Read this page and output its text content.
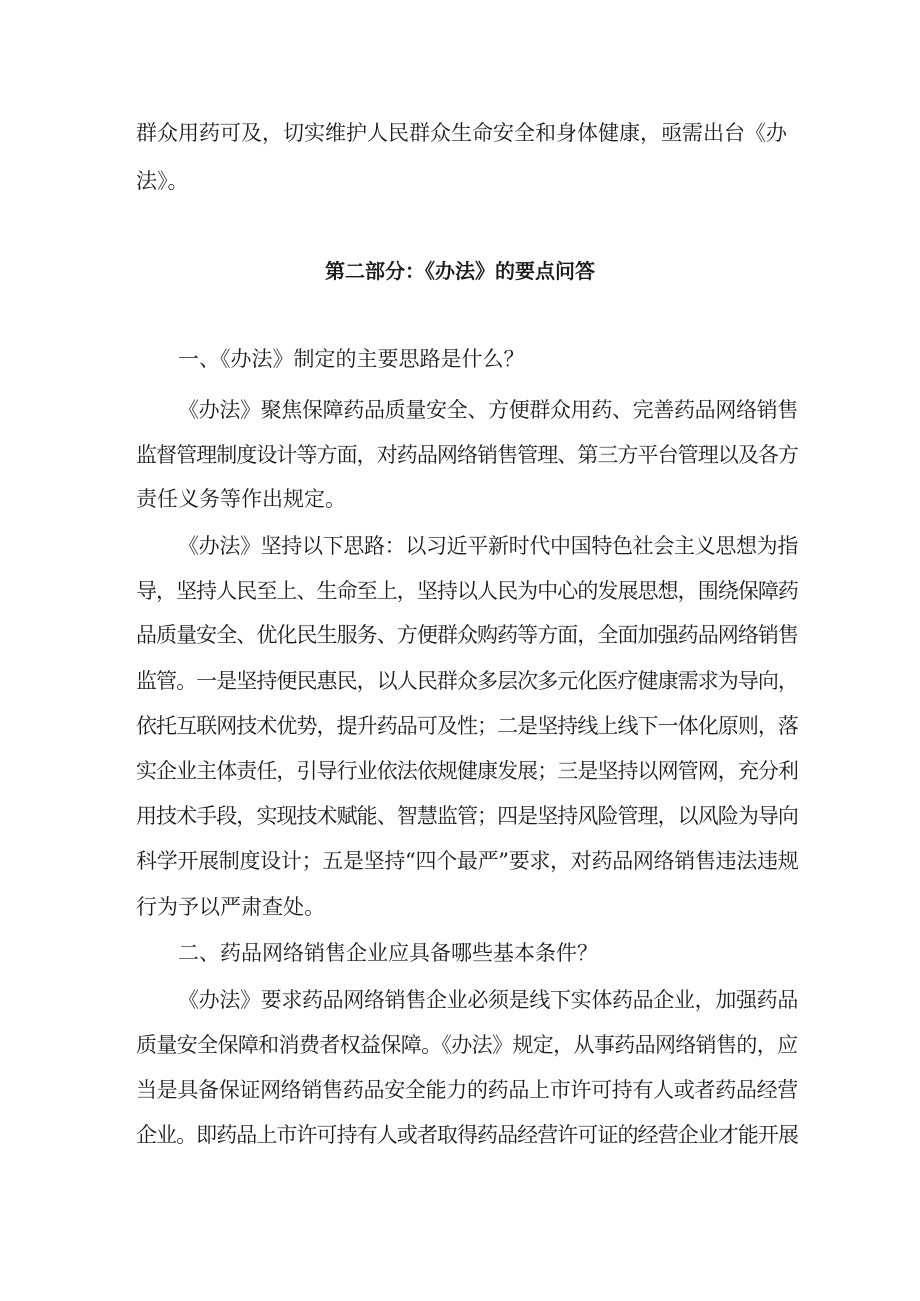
群众用药可及，切实维护人民群众生命安全和身体健康，亟需出台《办
法》。
第二部分：《办法》的要点问答
一、《办法》制定的主要思路是什么？
《办法》聚焦保障药品质量安全、方便群众用药、完善药品网络销售
监督管理制度设计等方面，对药品网络销售管理、第三方平台管理以及各方
责任义务等作出规定。
《办法》坚持以下思路：以习近平新时代中国特色社会主义思想为指
导，坚持人民至上、生命至上，坚持以人民为中心的发展思想，围绕保障药
品质量安全、优化民生服务、方便群众购药等方面，全面加强药品网络销售
监管。一是坚持便民惠民，以人民群众多层次多元化医疗健康需求为导向，
依托互联网技术优势，提升药品可及性；二是坚持线上线下一体化原则，落
实企业主体责任，引导行业依法依规健康发展；三是坚持以网管网，充分利
用技术手段，实现技术赋能、智慧监管；四是坚持风险管理，以风险为导向
科学开展制度设计；五是坚持“四个最严”要求，对药品网络销售违法违规
行为予以严肃查处。
二、药品网络销售企业应具备哪些基本条件？
《办法》要求药品网络销售企业必须是线下实体药品企业，加强药品
质量安全保障和消费者权益保障。《办法》规定，从事药品网络销售的，应
当是具备保证网络销售药品安全能力的药品上市许可持有人或者药品经营
企业。即药品上市许可持有人或者取得药品经营许可证的经营企业才能开展
